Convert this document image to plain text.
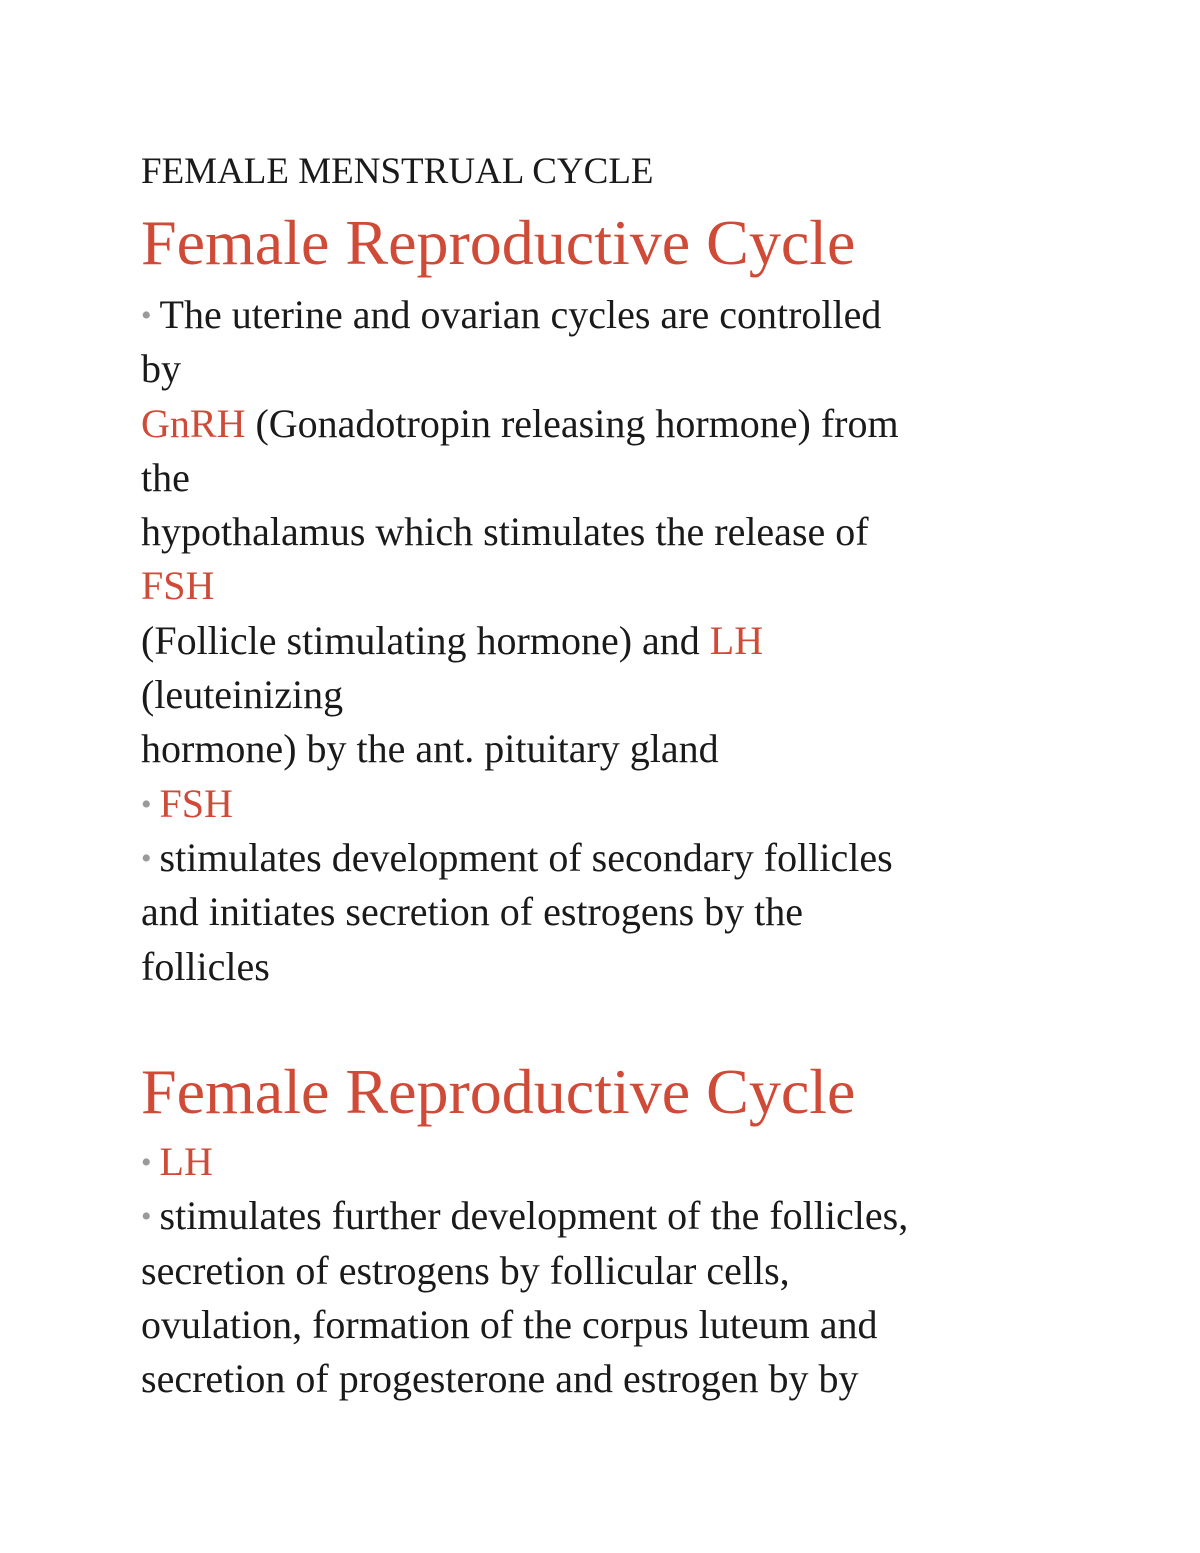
FEMALE MENSTRUAL CYCLE
Female Reproductive Cycle
• The uterine and ovarian cycles are controlled
by
GnRH (Gonadotropin releasing hormone) from
the
hypothalamus which stimulates the release of
FSH
(Follicle stimulating hormone) and LH
(leuteinizing
hormone) by the ant. pituitary gland
• FSH
• stimulates development of secondary follicles
and initiates secretion of estrogens by the
follicles
Female Reproductive Cycle
• LH
• stimulates further development of the follicles,
secretion of estrogens by follicular cells,
ovulation, formation of the corpus luteum and
secretion of progesterone and estrogen by by
